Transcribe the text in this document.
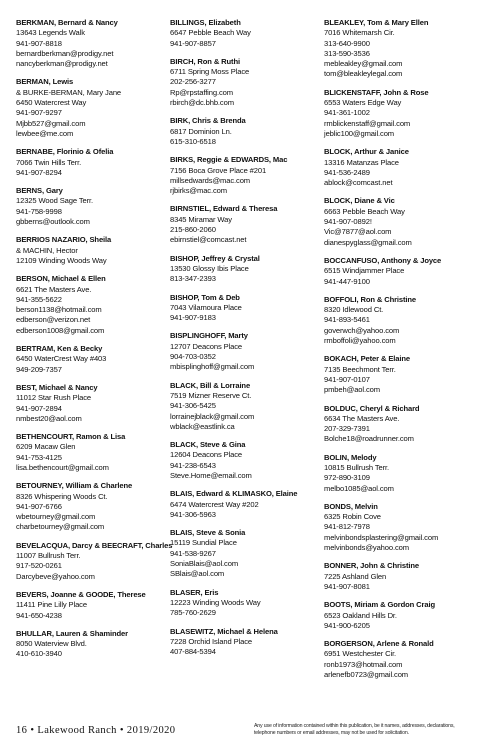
BERKMAN, Bernard & Nancy
13643 Legends Walk
941-907-8818
bernardberkman@prodigy.net
nancyberkman@prodigy.net
BERMAN, Lewis
& BURKE-BERMAN, Mary Jane
6450 Watercrest Way
941-907-9297
Mjbb527@gmail.com
lewbee@me.com
BERNABE, Florinio & Ofelia
7066 Twin Hills Terr.
941-907-8294
BERNS, Gary
12325 Wood Sage Terr.
941-758-9998
gbberns@outlook.com
BERRIOS NAZARIO, Sheila
& MACHIN, Hector
12109 Winding Woods Way
BERSON, Michael & Ellen
6621 The Masters Ave.
941-355-5622
berson1138@hotmail.com
edberson@verizon.net
edberson1008@gmail.com
BERTRAM, Ken & Becky
6450 WaterCrest Way #403
949-209-7357
BEST, Michael & Nancy
11012 Star Rush Place
941-907-2894
nmbest20@aol.com
BETHENCOURT, Ramon & Lisa
6209 Macaw Glen
941-753-4125
lisa.bethencourt@gmail.com
BETOURNEY, William & Charlene
8326 Whispering Woods Ct.
941-907-6766
wbetourney@gmail.com
charbetourney@gmail.com
BEVELACQUA, Darcy & BEECRAFT, Charles
11007 Bullrush Terr.
917-520-0261
Darcybeve@yahoo.com
BEVERS, Joanne & GOODE, Therese
11411 Pine Lilly Place
941-650-4238
BHULLAR, Lauren & Shaminder
8050 Waterview Blvd.
410-610-3940
BILLINGS, Elizabeth
6647 Pebble Beach Way
941-907-8857
BIRCH, Ron & Ruthi
6711 Spring Moss Place
202-256-3277
Rp@rpstaffing.com
rbirch@dc.bhb.com
BIRK, Chris & Brenda
6817 Dominion Ln.
615-310-6518
BIRKS, Reggie & EDWARDS, Mac
7156 Boca Grove Place #201
millsedwards@mac.com
rjbirks@mac.com
BIRNSTIEL, Edward & Theresa
8345 Miramar Way
215-860-2060
ebirnstiel@comcast.net
BISHOP, Jeffrey & Crystal
13530 Glossy Ibis Place
813-347-2393
BISHOP, Tom & Deb
7043 Vilamoura Place
941-907-9183
BISPLINGHOFF, Marty
12707 Deacons Place
904-703-0352
mbisplinghoff@gmail.com
BLACK, Bill & Lorraine
7519 Mizner Reserve Ct.
941-306-5425
lorrainejblack@gmail.com
wblack@eastlink.ca
BLACK, Steve & Gina
12604 Deacons Place
941-238-6543
Steve.Home@email.com
BLAIS, Edward & KLIMASKO, Elaine
6474 Watercrest Way #202
941-306-5963
BLAIS, Steve & Sonia
15119 Sundial Place
941-538-9267
SoniaBlais@aol.com
SBlais@aol.com
BLASER, Eris
12223 Winding Woods Way
785-760-2629
BLASEWITZ, Michael & Helena
7228 Orchid Island Place
407-884-5394
BLEAKLEY, Tom & Mary Ellen
7016 Whitemarsh Cir.
313-640-9900
313-590-3536
mebleakley@gmail.com
tom@bleakleylegal.com
BLICKENSTAFF, John & Rose
6553 Waters Edge Way
941-361-1002
rmblickenstaff@gmail.com
jeblic100@gmail.com
BLOCK, Arthur & Janice
13316 Matanzas Place
941-536-2489
ablock@comcast.net
BLOCK, Diane & Vic
6663 Pebble Beach Way
941-907-0892!
Vic@7877@aol.com
dianespyglass@gmail.com
BOCCANFUSO, Anthony & Joyce
6515 Windjammer Place
941-447-9100
BOFFOLI, Ron & Christine
8320 Idlewood Ct.
941-893-5461
goverwch@yahoo.com
rmboffoli@yahoo.com
BOKACH, Peter & Elaine
7135 Beechmont Terr.
941-907-0107
pmbeh@aol.com
BOLDUC, Cheryl & Richard
6634 The Masters Ave.
207-329-7391
Bolche18@roadrunner.com
BOLIN, Melody
10815 Bullrush Terr.
972-890-3109
melbo1085@aol.com
BONDS, Melvin
6325 Robin Cove
941-812-7978
melvinbondsplastering@gmail.com
melvinbonds@yahoo.com
BONNER, John & Christine
7225 Ashland Glen
941-907-8081
BOOTS, Miriam & Gordon Craig
6523 Oakland Hills Dr.
941-900-6205
BORGERSON, Arlene & Ronald
6951 Westchester Cir.
ronb1973@hotmail.com
arlenefb0723@gmail.com
16 • Lakewood Ranch • 2019/2020	Any use of information contained within this publication, be it names, addresses, declarations, telephone numbers or email addresses, may not be used for solicitation.
